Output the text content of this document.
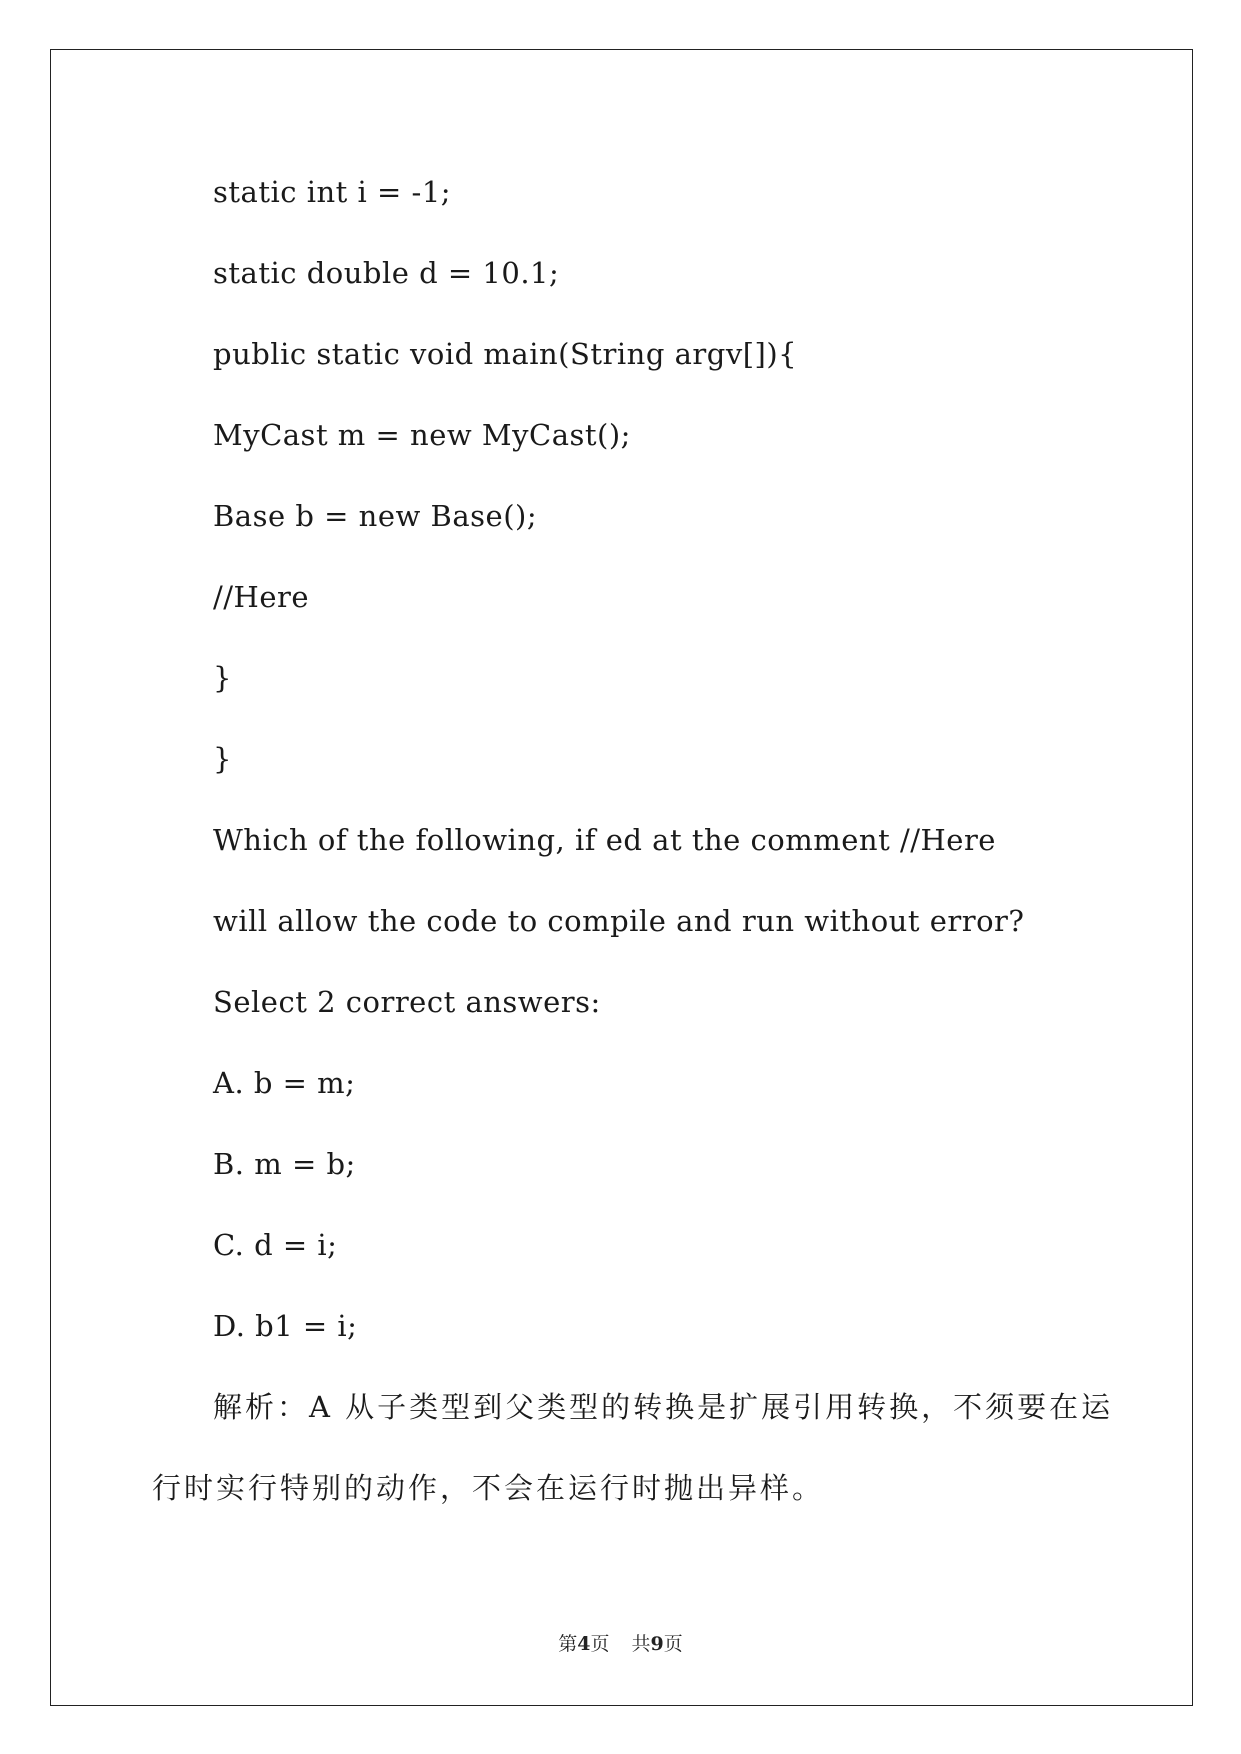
static int i = -1;
static double d = 10.1;
public static void main(String argv[]){
MyCast m = new MyCast();
Base b = new Base();
//Here
}
}
Which of the following, if ed at the comment //Here
will allow the code to compile and run without error?
Select 2 correct answers:
A. b = m;
B. m = b;
C. d = i;
D. b1 = i;
解析：A 从子类型到父类型的转换是扩展引用转换，不须要在运
行时实行特别的动作，不会在运行时抛出异样。
第4页 共9页
